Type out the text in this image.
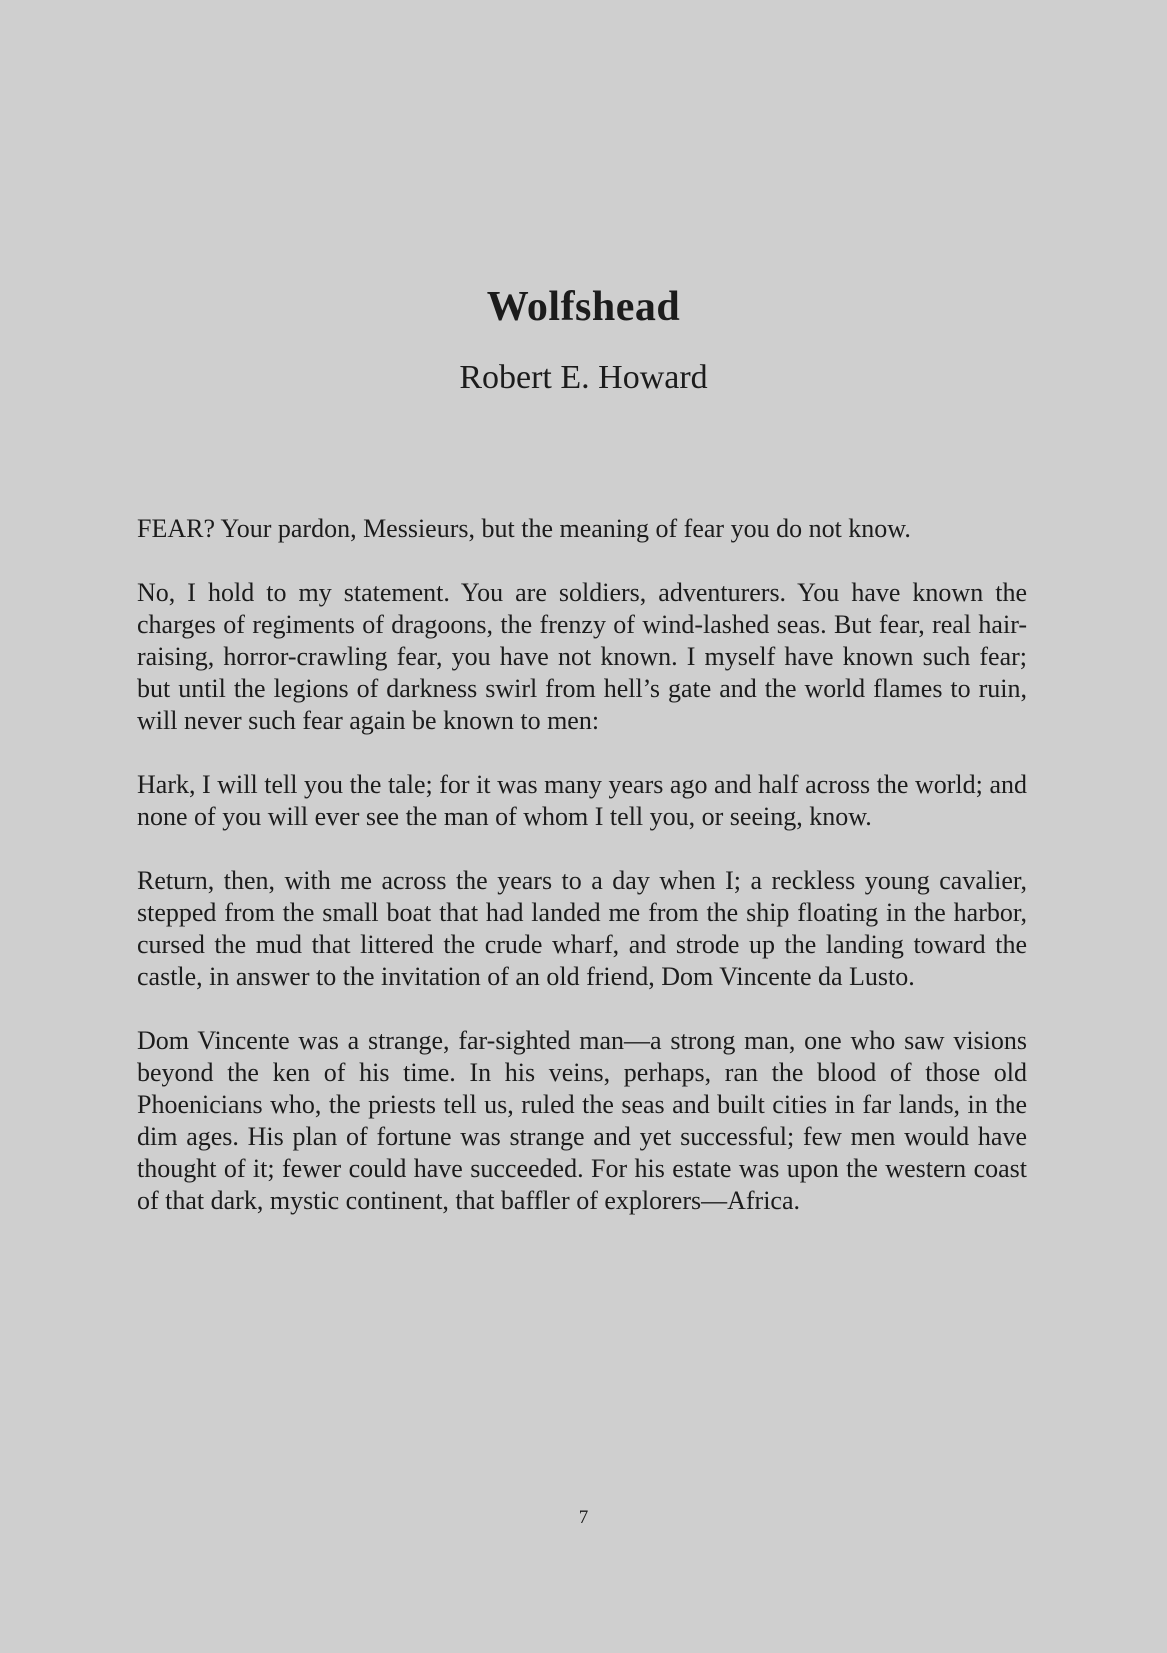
Wolfshead
Robert E. Howard

FEAR? Your pardon, Messieurs, but the meaning of fear you do not know.

No, I hold to my statement. You are soldiers, adventurers. You have known the charges of regiments of dragoons, the frenzy of wind-lashed seas. But fear, real hair-raising, horror-crawling fear, you have not known. I myself have known such fear; but until the legions of darkness swirl from hell’s gate and the world flames to ruin, will never such fear again be known to men:

Hark, I will tell you the tale; for it was many years ago and half across the world; and none of you will ever see the man of whom I tell you, or seeing, know.

Return, then, with me across the years to a day when I; a reckless young cavalier, stepped from the small boat that had landed me from the ship floating in the harbor, cursed the mud that littered the crude wharf, and strode up the landing toward the castle, in answer to the invitation of an old friend, Dom Vincente da Lusto.

Dom Vincente was a strange, far-sighted man—a strong man, one who saw visions beyond the ken of his time. In his veins, perhaps, ran the blood of those old Phoenicians who, the priests tell us, ruled the seas and built cities in far lands, in the dim ages. His plan of fortune was strange and yet successful; few men would have thought of it; fewer could have succeeded. For his estate was upon the western coast of that dark, mystic continent, that baffler of explorers—Africa.

7
